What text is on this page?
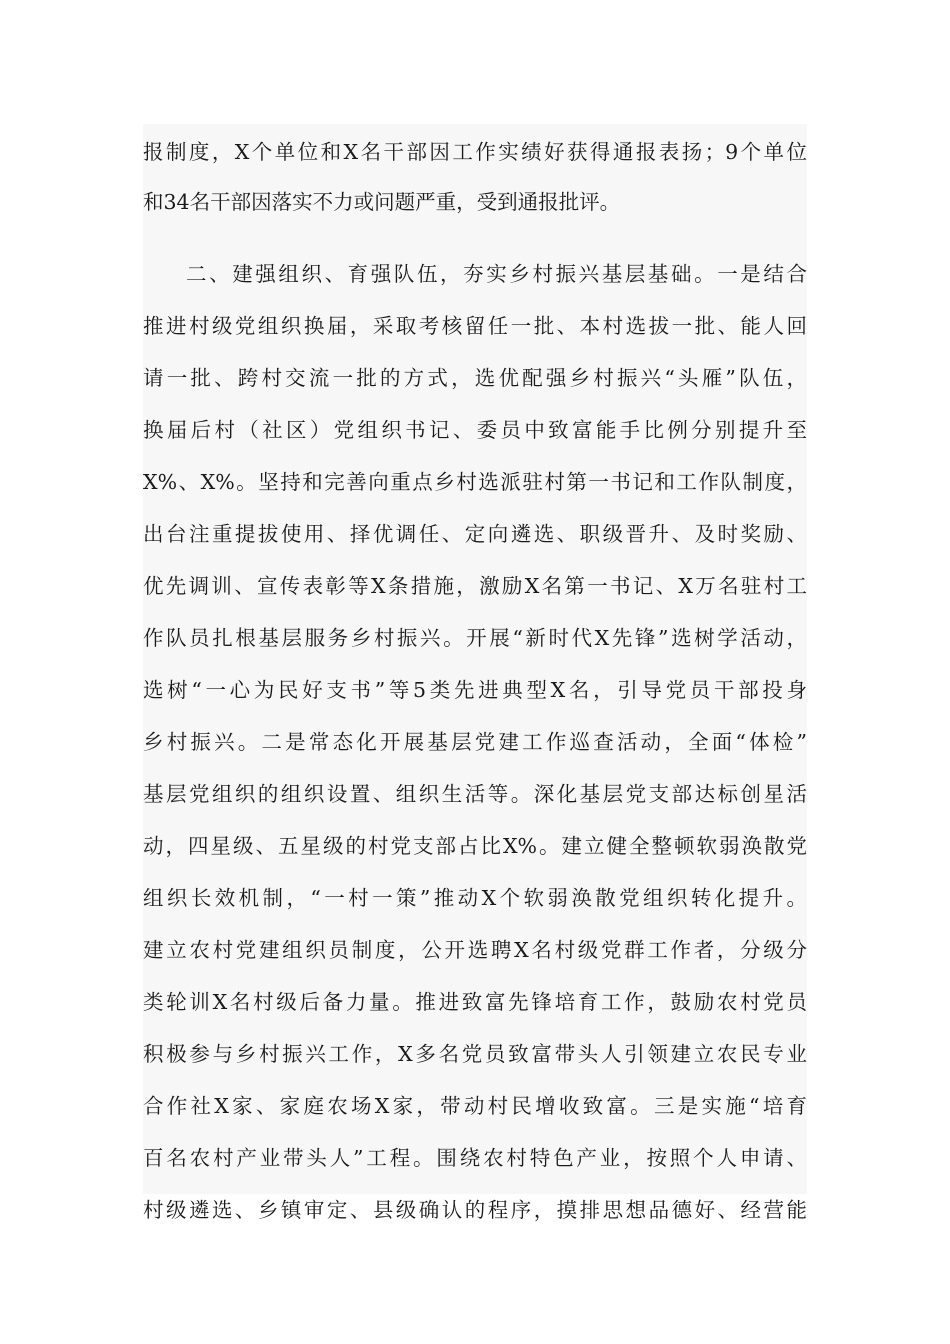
报制度，X个单位和X名干部因工作实绩好获得通报表扬；9个单位
和34名干部因落实不力或问题严重，受到通报批评。
二、建强组织、育强队伍，夯实乡村振兴基层基础。一是结合
推进村级党组织换届，采取考核留任一批、本村选拔一批、能人回
请一批、跨村交流一批的方式，选优配强乡村振兴“头雁”队伍，
换届后村（社区）党组织书记、委员中致富能手比例分别提升至
X%、X%。坚持和完善向重点乡村选派驻村第一书记和工作队制度，
出台注重提拔使用、择优调任、定向遴选、职级晋升、及时奖励、
优先调训、宣传表彰等X条措施，激励X名第一书记、X万名驻村工
作队员扎根基层服务乡村振兴。开展“新时代X先锋”选树学活动，
选树“一心为民好支书”等5类先进典型X名，引导党员干部投身
乡村振兴。二是常态化开展基层党建工作巡查活动，全面“体检”
基层党组织的组织设置、组织生活等。深化基层党支部达标创星活
动，四星级、五星级的村党支部占比X%。建立健全整顿软弱涣散党
组织长效机制，“一村一策”推动X个软弱涣散党组织转化提升。
建立农村党建组织员制度，公开选聘X名村级党群工作者，分级分
类轮训X名村级后备力量。推进致富先锋培育工作，鼓励农村党员
积极参与乡村振兴工作，X多名党员致富带头人引领建立农民专业
合作社X家、家庭农场X家，带动村民增收致富。三是实施“培育
百名农村产业带头人”工程。围绕农村特色产业，按照个人申请、
村级遴选、乡镇审定、县级确认的程序，摸排思想品德好、经营能
